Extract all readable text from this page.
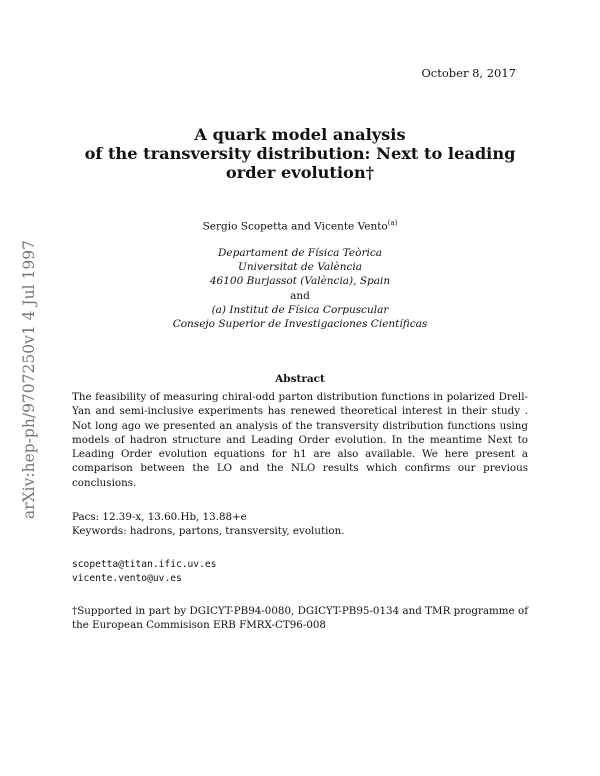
October 8, 2017
arXiv:hep-ph/9707250v1 4 Jul 1997
A quark model analysis
of the transversity distribution: Next to leading
order evolution†
Sergio Scopetta and Vicente Vento$^{(a)}$
Departament de Física Teòrica
Universitat de València
46100 Burjassot (València), Spain
and
(a) Institut de Física Corpuscular
Consejo Superior de Investigaciones Científicas
Abstract
The feasibility of measuring chiral-odd parton distribution functions in polarized Drell-Yan and semi-inclusive experiments has renewed theoretical interest in their study . Not long ago we presented an analysis of the transversity distribution functions using models of hadron structure and Leading Order evolution. In the meantime Next to Leading Order evolution equations for h1 are also available. We here present a comparison between the LO and the NLO results which confirms our previous conclusions.
Pacs: 12.39-x, 13.60.Hb, 13.88+e
Keywords: hadrons, partons, transversity, evolution.
scopetta@titan.ific.uv.es
vicente.vento@uv.es
†Supported in part by DGICYT-PB94-0080, DGICYT-PB95-0134 and TMR programme of the European Commisison ERB FMRX-CT96-008
